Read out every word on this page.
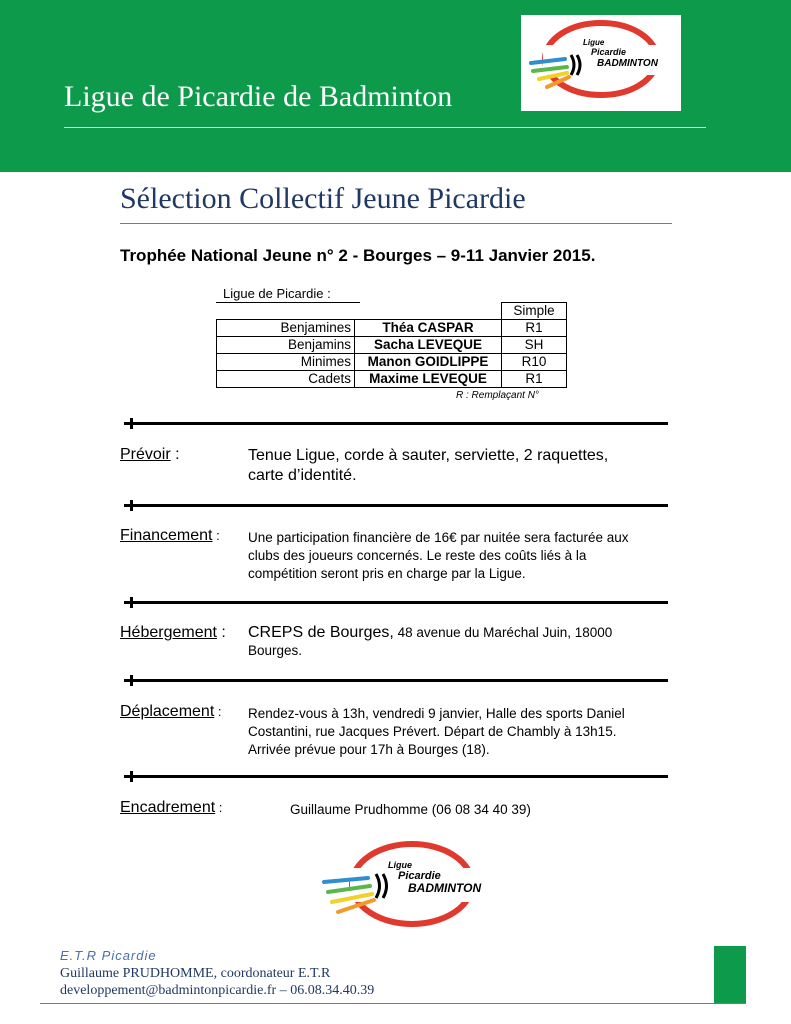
Ligue de Picardie de Badminton
Ligue
Picardie
BADMINTON
Sélection Collectif Jeune Picardie
Trophée National Jeune n° 2 - Bourges – 9-11 Janvier 2015.
Ligue de Picardie :
		Simple
Benjamines	Théa CASPAR	R1
Benjamins	Sacha LEVEQUE	SH
Minimes	Manon GOIDLIPPE	R10
Cadets	Maxime LEVEQUE	R1
R : Remplaçant N°
Prévoir :	Tenue Ligue, corde à sauter, serviette, 2 raquettes,
carte d’identité.
Financement : Une participation financière de 16€ par nuitée sera facturée aux
clubs des joueurs concernés. Le reste des coûts liés à la
compétition seront pris en charge par la Ligue.
Hébergement : CREPS de Bourges, 48 avenue du Maréchal Juin, 18000
Bourges.
Déplacement : Rendez-vous à 13h, vendredi 9 janvier, Halle des sports Daniel
Costantini, rue Jacques Prévert. Départ de Chambly à 13h15.
Arrivée prévue pour 17h à Bourges (18).
Encadrement :	Guillaume Prudhomme (06 08 34 40 39)
Ligue
Picardie
BADMINTON
E.T.R Picardie
Guillaume PRUDHOMME, coordonateur E.T.R
developpement@badmintonpicardie.fr – 06.08.34.40.39
